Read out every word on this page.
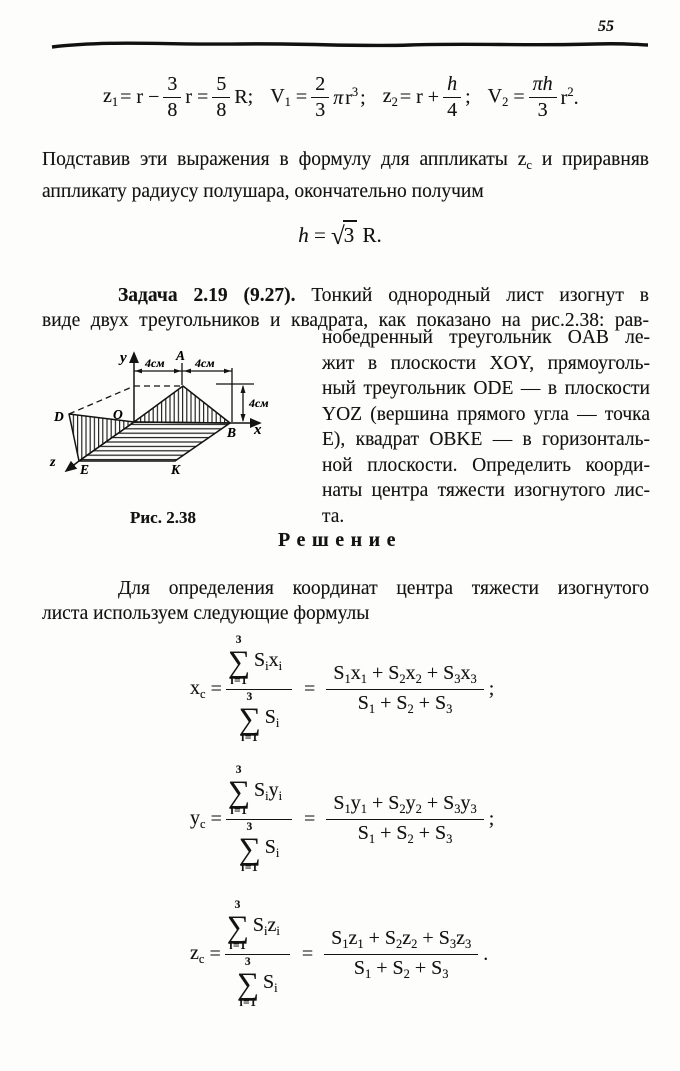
55
$z_1 = r - \frac{3}{8}$ $r = \frac{5}{8} R$; $V_1 = \frac{2}{3}$ π $r^3$ ; $z_2 = r + \frac{h}{4}$ ; $V_2 = \frac{\pi h}{3} r^2$.
Подставив эти выражения в формулу для аппликаты $z_c$ и приравняв
аппликату радиусу полушара, окончательно получим
h = √3 R.
Задача 2.19 (9.27). Тонкий однородный лист изогнут в
виде двух треугольников и квадрата, как показано на рис.2.38: рав-
y
x
z
A
D	O
B
E	K
4см	4см
4см
Рис. 2.38
нобедренный треугольник OAB ле-
жит в плоскости XOY, прямоуголь-
ный треугольник ODE — в плоскости
YOZ (вершина прямого угла — точка
Е), квадрат OBKE — в горизонталь-
ной плоскости. Определить коорди-
наты центра тяжести изогнутого лис-
та.
Решение
Для определения координат центра тяжести изогнутого
листа используем следующие формулы
$x_c$ =
3
∑
i=1
$S_ix_i$
3
∑
i=1
$S_i$
= $\frac{S_1x_1 + S_2x_2 + S_3x_3}{S_1 + S_2 + S_3}$ ;
$y_c$ =
3
∑
i=1
$S_iy_i$
3
∑
i=1
$S_i$
= $\frac{S_1y_1 + S_2y_2 + S_3y_3}{S_1 + S_2 + S_3}$ ;
$z_c$ =
3
∑
i=1
$S_iz_i$
3
∑
i=1
$S_i$
= $\frac{S_1z_1 + S_2z_2 + S_3z_3}{S_1 + S_2 + S_3}$ .
